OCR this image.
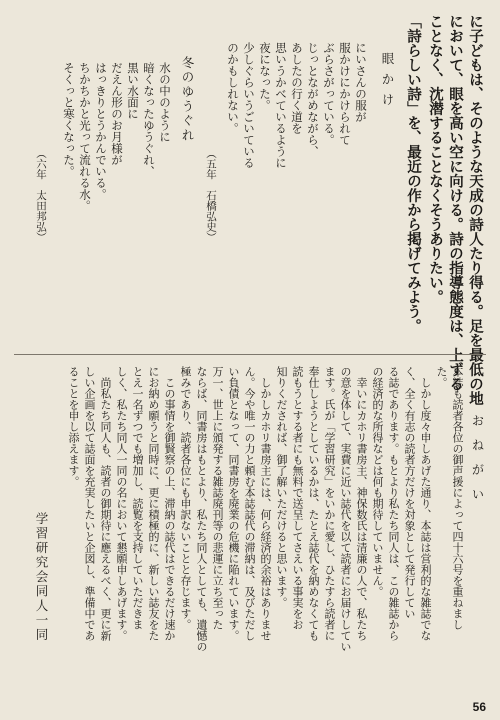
に子どもは、そのような天成の詩人たり得る。足を最低の地
において、眼を高い空に向ける。詩の指導態度は、上ずる
ことなく、沈潜することなくそうありたい。
「詩らしい詩」を、最近の作から掲げてみよう。
眼かけ
にいさんの服が
服かけにかけられて
ぶらさがっている。
じっとながめながら、
あしたの行く道を
思いうかべているように
夜になった。
少しぐらいうごいている
のかもしれない。
（五年　石橋弘史）
冬のゆうぐれ
水の中のように
暗くなったゆうぐれ、
黒い水面に
だえん形のお月様が
はっきりとうかんでいる。
ちかちかと光って流れる水。
そくっと寒くなった。
（六年　太田邦弘）
おねがい
本誌も読者各位の御声援によって四十六号を重ねまし
た。
しかし度々申しあげた通り、本誌は営利的な雑誌でな
く、全く有志の読者方だけを対象として発行してい
る誌であります。もとより私たち同人は、この雑誌から
の経済的な所得などは何も期待していません。
幸いにカホリ書房主、神保数氏は清廉の人で、私たち
の意を体して、実費に近い誌代を以て読者にお届けしてい
ます。氏が「学習研究」をいかに愛し、ひたすら読者に
奉仕しようとしているかは、たとえ誌代を納めなくても
読もうとする者にも無料で送呈してさえいる事実をお
知りくだされば、御了解いただけると思います。
しかしカホリ書房主には、何ら経済的余裕はありませ
ん。今や唯一の力と頼む本誌誌代の滞納は、及びただし
い負債となって、同書房を廃業の危機に陥れています。
万一、世上に頒発する雑誌廃刊等の悲運に立ち至った
ならば、同書房はもとより、私たち同人としても、遺憾の
極みであり、読者各位にも申訳ないことと存じます。
この事情を御賢察の上、滞納の誌代はできるだけ速か
にお納め願うと同時に、更に積極的に、新しい誌友をた
とえ一名ずつでも増加し、読覧を支持していただきま
しく、私たち同人一同の名において懇願申しあげます。
尚私たち同人も、読者の御期待に應えるべく、更に新
しい企画を以て誌面を充実したいと企図し、準備中であ
ることを申し添えます。
学習研究会同人一同
56
